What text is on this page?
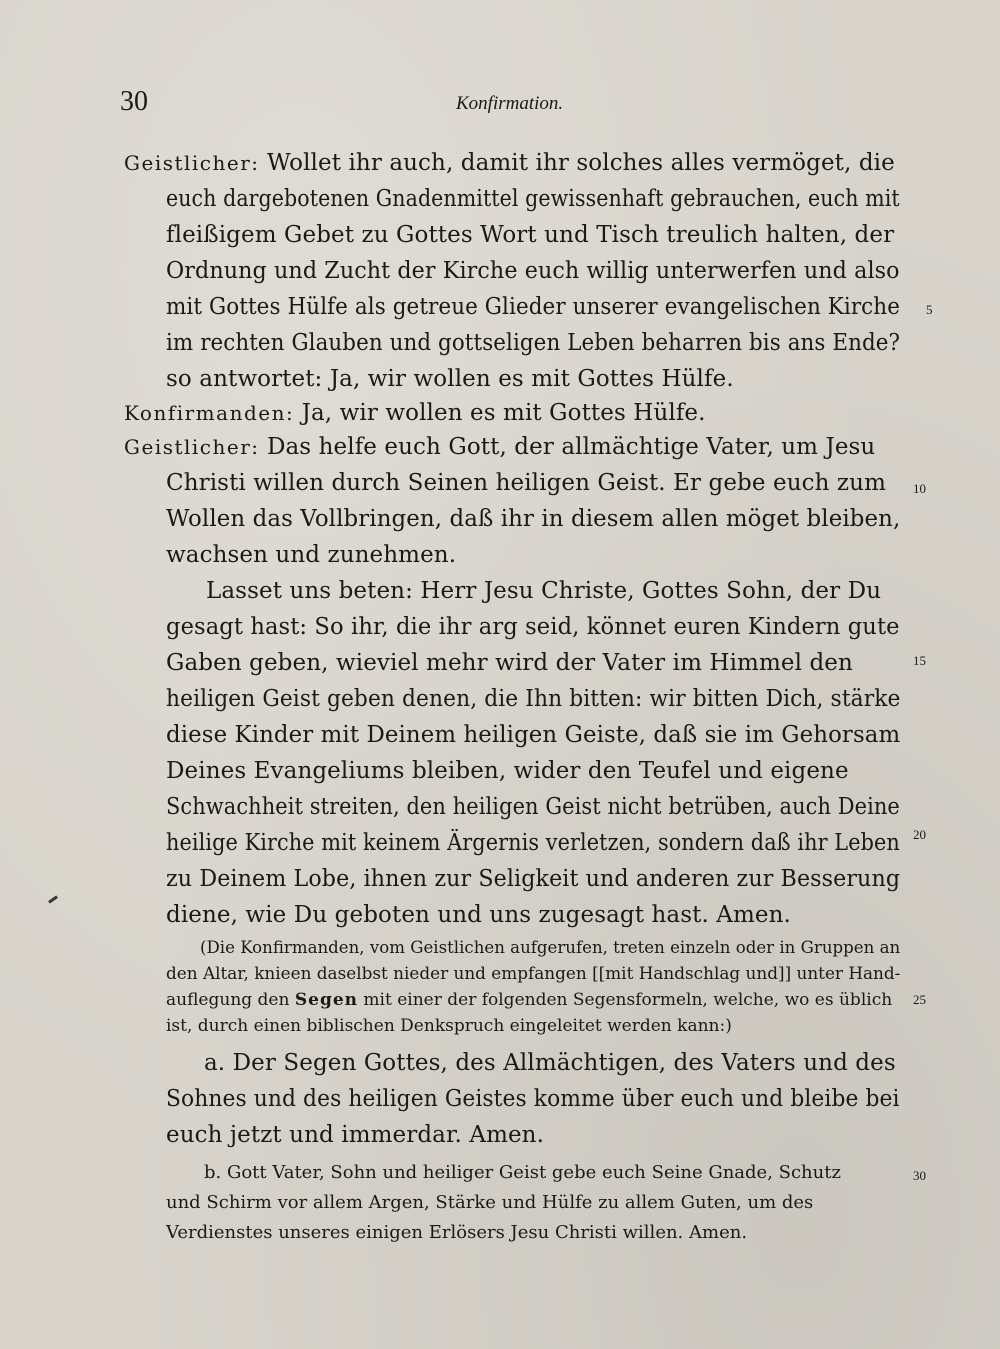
30	Konfirmation.
Geistlicher: Wollet ihr auch, damit ihr solches alles vermöget, die
euch dargebotenen Gnadenmittel gewissenhaft gebrauchen, euch mit
fleißigem Gebet zu Gottes Wort und Tisch treulich halten, der
Ordnung und Zucht der Kirche euch willig unterwerfen und also
mit Gottes Hülfe als getreue Glieder unserer evangelischen Kirche
im rechten Glauben und gottseligen Leben beharren bis ans Ende?
so antwortet: Ja, wir wollen es mit Gottes Hülfe.
Konfirmanden: Ja, wir wollen es mit Gottes Hülfe.
Geistlicher: Das helfe euch Gott, der allmächtige Vater, um Jesu
Christi willen durch Seinen heiligen Geist. Er gebe euch zum
Wollen das Vollbringen, daß ihr in diesem allen möget bleiben,
wachsen und zunehmen.
Lasset uns beten: Herr Jesu Christe, Gottes Sohn, der Du
gesagt hast: So ihr, die ihr arg seid, könnet euren Kindern gute
Gaben geben, wieviel mehr wird der Vater im Himmel den
heiligen Geist geben denen, die Ihn bitten: wir bitten Dich, stärke
diese Kinder mit Deinem heiligen Geiste, daß sie im Gehorsam
Deines Evangeliums bleiben, wider den Teufel und eigene
Schwachheit streiten, den heiligen Geist nicht betrüben, auch Deine
heilige Kirche mit keinem Ärgernis verletzen, sondern daß ihr Leben
zu Deinem Lobe, ihnen zur Seligkeit und anderen zur Besserung
diene, wie Du geboten und uns zugesagt hast. Amen.
(Die Konfirmanden, vom Geistlichen aufgerufen, treten einzeln oder in Gruppen an
den Altar, knieen daselbst nieder und empfangen [[mit Handschlag und]] unter Hand-
auflegung den Segen mit einer der folgenden Segensformeln, welche, wo es üblich
ist, durch einen biblischen Denkspruch eingeleitet werden kann:)
a. Der Segen Gottes, des Allmächtigen, des Vaters und des
Sohnes und des heiligen Geistes komme über euch und bleibe bei
euch jetzt und immerdar. Amen.
b. Gott Vater, Sohn und heiliger Geist gebe euch Seine Gnade, Schutz
und Schirm vor allem Argen, Stärke und Hülfe zu allem Guten, um des
Verdienstes unseres einigen Erlösers Jesu Christi willen. Amen.
5
10
15
20
25
30
